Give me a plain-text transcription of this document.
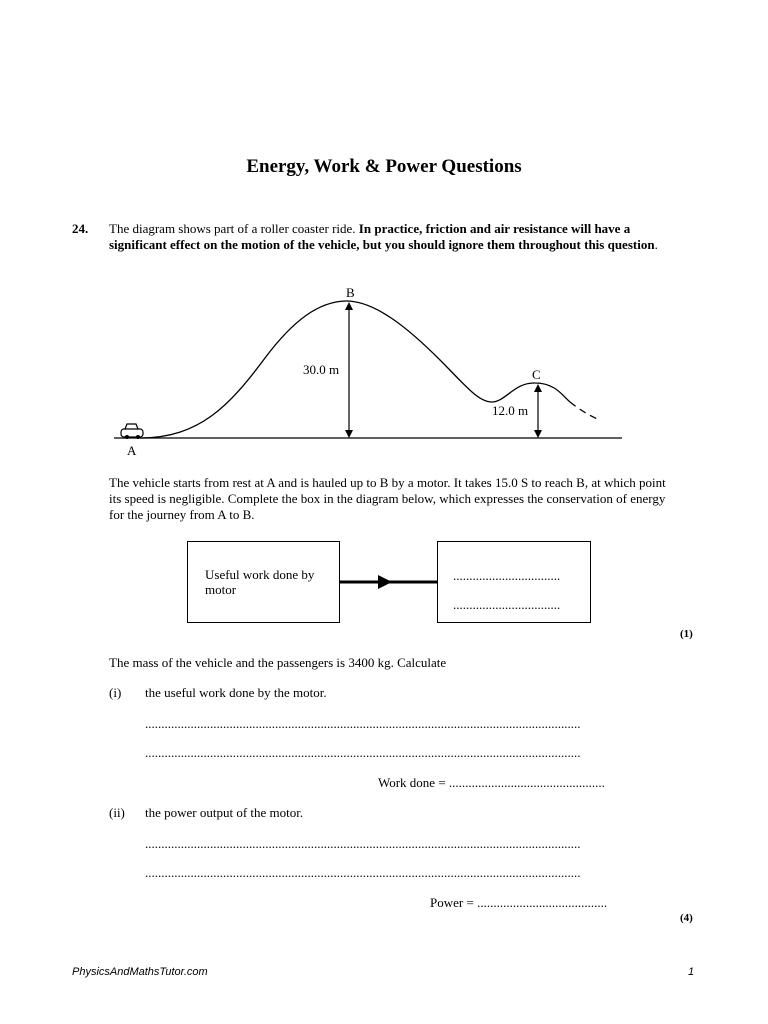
Energy, Work & Power Questions
24. The diagram shows part of a roller coaster ride. In practice, friction and air resistance will have a significant effect on the motion of the vehicle, but you should ignore them throughout this question.
B
C
A
30.0 m
12.0 m
The vehicle starts from rest at A and is hauled up to B by a motor. It takes 15.0 S to reach B, at which point its speed is negligible. Complete the box in the diagram below, which expresses the conservation of energy for the journey from A to B.
Useful work done by motor
.................................
.................................
(1)
The mass of the vehicle and the passengers is 3400 kg. Calculate
(i) the useful work done by the motor.
......................................................................................................................................
......................................................................................................................................
Work done = ................................................
(ii) the power output of the motor.
......................................................................................................................................
......................................................................................................................................
Power = ........................................
(4)
PhysicsAndMathsTutor.com	1
